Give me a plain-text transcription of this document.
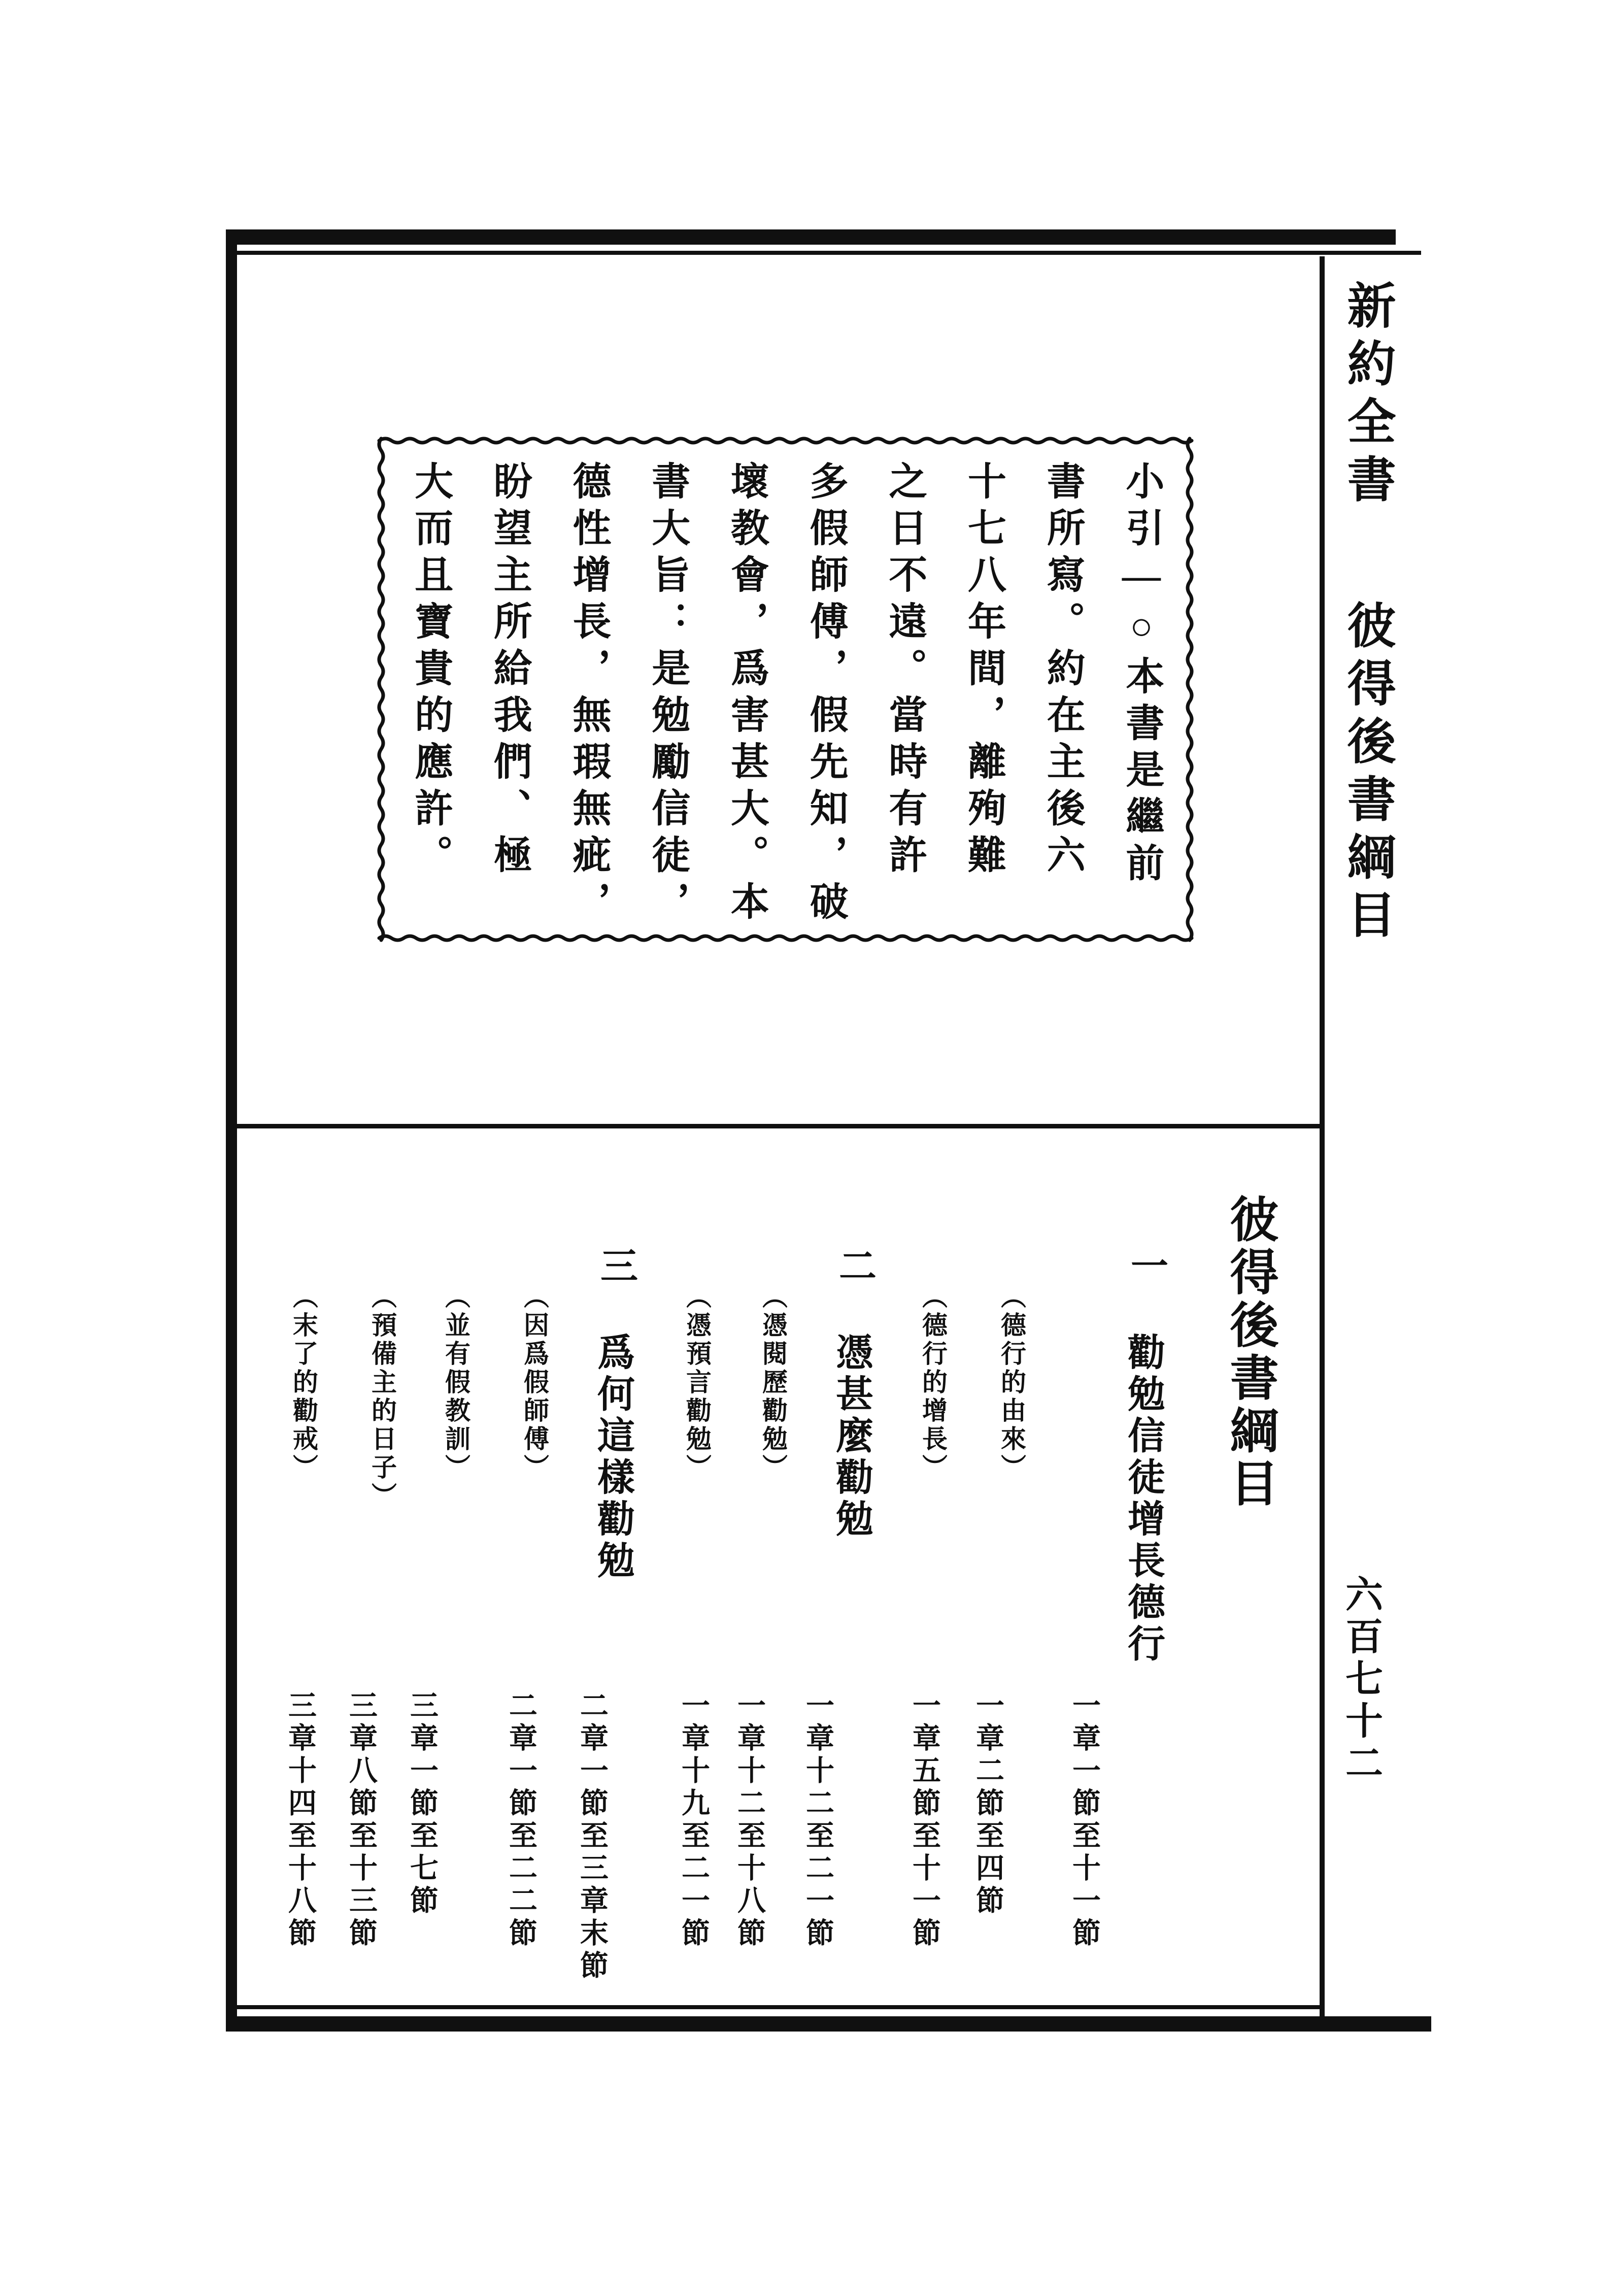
新約全書
彼得後書綱目
六百七十二
小引—○本書是繼前
書所寫。約在主後六
十七八年間，離殉難
之日不遠。當時有許
多假師傅，假先知，破
壞教會，爲害甚大。本
書大旨：是勉勵信徒，
德性增長，無瑕無疵，
盼望主所給我們、極
大而且寶貴的應許。
彼得後書綱目
一
勸勉信徒增長德行
一章一節至十一節
（德行的由來）
一章二節至四節
（德行的增長）
一章五節至十一節
二
憑甚麼勸勉
一章十二至二一節
（憑閱歷勸勉）
一章十二至十八節
（憑預言勸勉）
一章十九至二一節
三
爲何這樣勸勉
二章一節至三章末節
（因爲假師傅）
二章一節至二二節
（並有假教訓）
三章一節至七節
（預備主的日子）
三章八節至十三節
（末了的勸戒）
三章十四至十八節
